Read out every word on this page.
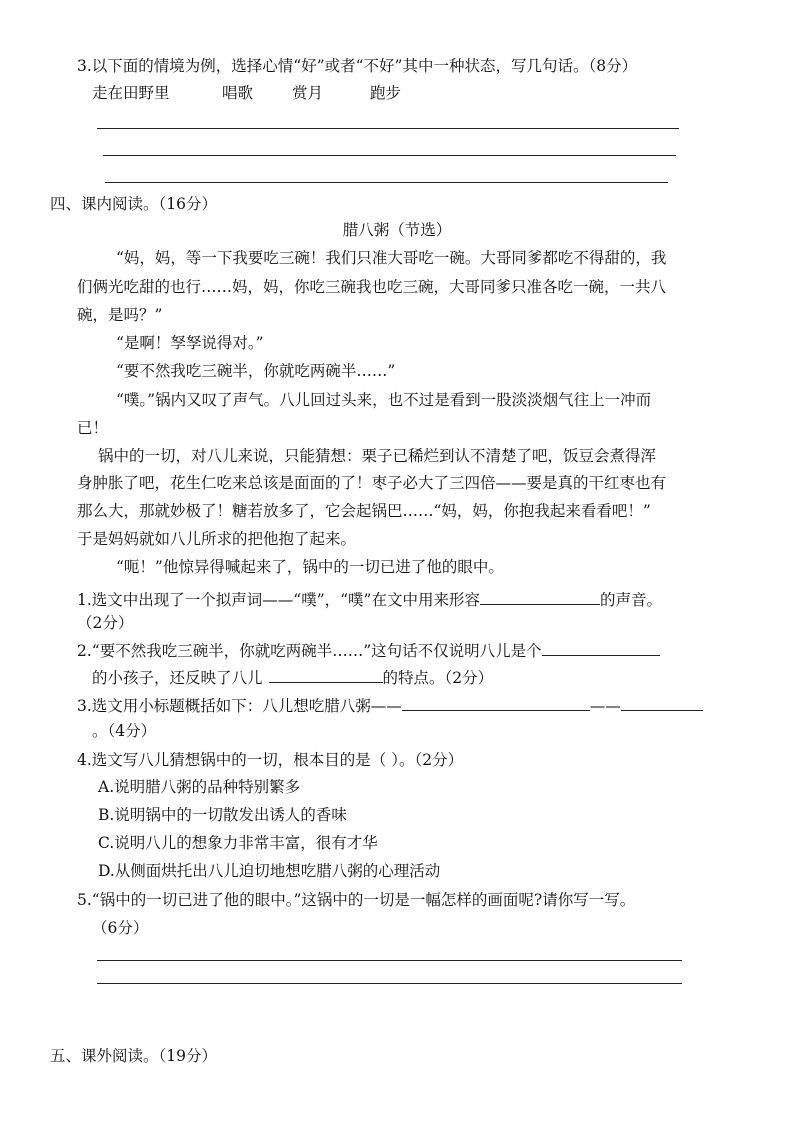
3.以下面的情境为例，选择心情“好”或者“不好”其中一种状态，写几句话。（8分）
走在田野里	唱歌	赏月	跑步
四、课内阅读。（16分）
腊八粥（节选）
“妈，妈，等一下我要吃三碗！我们只准大哥吃一碗。大哥同爹都吃不得甜的，我
们俩光吃甜的也行……妈，妈，你吃三碗我也吃三碗，大哥同爹只准各吃一碗，一共八
碗，是吗？”
“是啊！孥孥说得对。”
“要不然我吃三碗半，你就吃两碗半……”
“噗。”锅内又叹了声气。八儿回过头来，也不过是看到一股淡淡烟气往上一冲而
已！
锅中的一切，对八儿来说，只能猜想：栗子已稀烂到认不清楚了吧，饭豆会煮得浑
身肿胀了吧，花生仁吃来总该是面面的了！枣子必大了三四倍——要是真的干红枣也有
那么大，那就妙极了！糖若放多了，它会起锅巴……“妈，妈，你抱我起来看看吧！”
于是妈妈就如八儿所求的把他抱了起来。
“呃！”他惊异得喊起来了，锅中的一切已进了他的眼中。
1.选文中出现了一个拟声词——“噗”，“噗”在文中用来形容	的声音。
（2分）
2.“要不然我吃三碗半，你就吃两碗半……”这句话不仅说明八儿是个
的小孩子，还反映了八儿	的特点。（2分）
3.选文用小标题概括如下：八儿想吃腊八粥——	——
。（4分）
4.选文写八儿猜想锅中的一切，根本目的是（ ）。（2分）
A.说明腊八粥的品种特别繁多
B.说明锅中的一切散发出诱人的香味
C.说明八儿的想象力非常丰富，很有才华
D.从侧面烘托出八儿迫切地想吃腊八粥的心理活动
5.“锅中的一切已进了他的眼中。”这锅中的一切是一幅怎样的画面呢?请你写一写。
（6分）
五、课外阅读。（19分）
